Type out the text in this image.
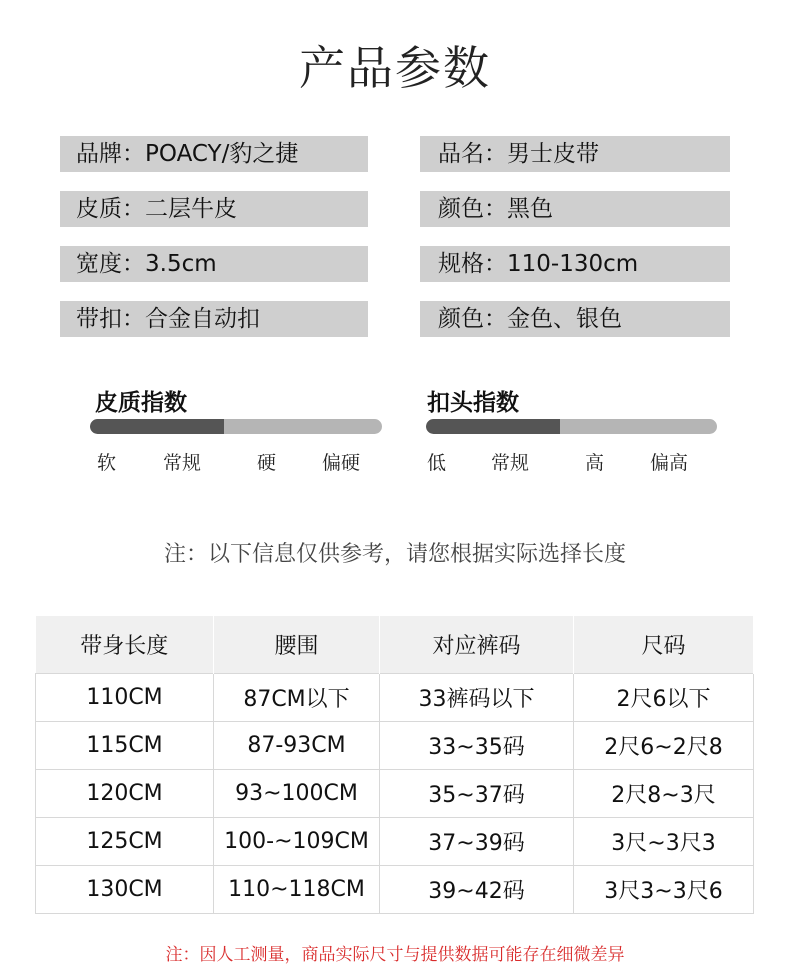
产品参数
品牌：POACY/豹之捷
皮质：二层牛皮
宽度：3.5cm
带扣：合金自动扣
品名：男士皮带
颜色：黑色
规格：110-130cm
颜色：金色、银色
皮质指数
软 常规	硬 偏硬
扣头指数
低 常规	高 偏高
注：以下信息仅供参考，请您根据实际选择长度
带身长度	腰围	对应裤码	尺码
110CM	87CM以下	33裤码以下	2尺6以下
115CM	87-93CM	33~35码	2尺6~2尺8
120CM	93~100CM	35~37码	2尺8~3尺
125CM	100-~109CM	37~39码	3尺~3尺3
130CM	110~118CM	39~42码	3尺3~3尺6
注：因人工测量，商品实际尺寸与提供数据可能存在细微差异
